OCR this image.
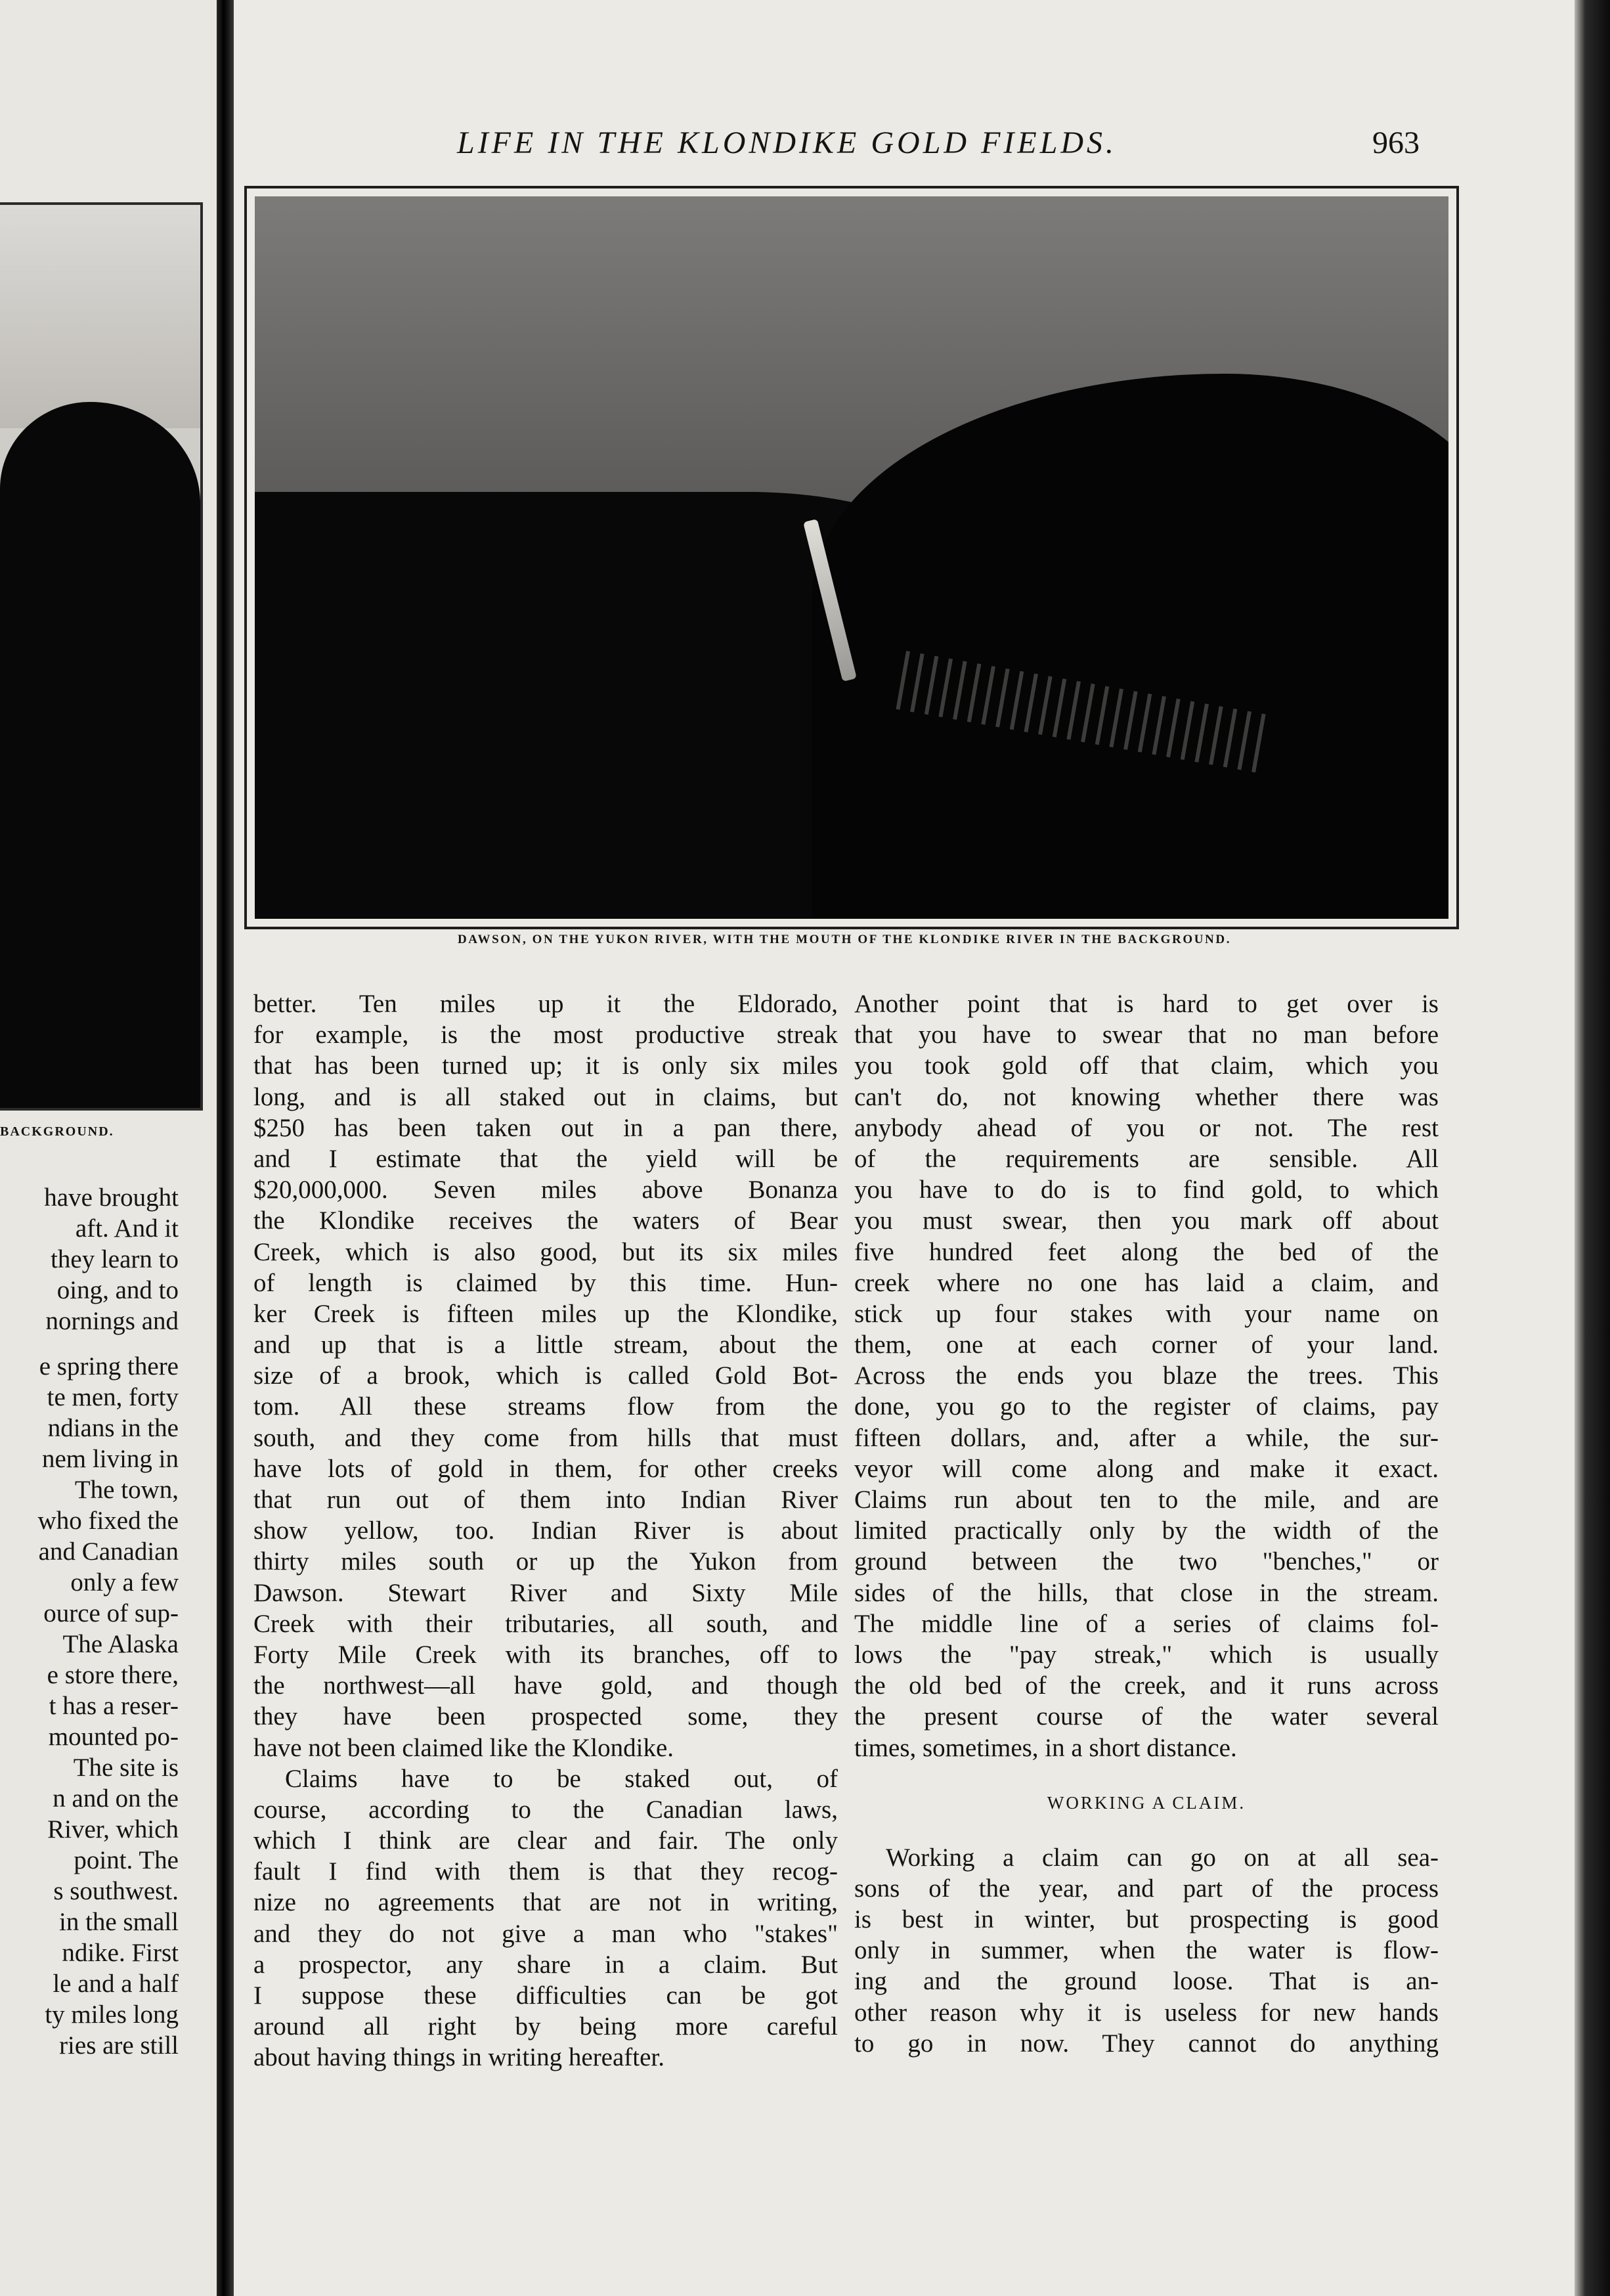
BACKGROUND.
have brought
aft. And it
they learn to
oing, and to
nornings and
e spring there
te men, forty
ndians in the
nem living in
The town,
who fixed the
and Canadian
only a few
ource of sup-
The Alaska
e store there,
t has a reser-
mounted po-
The site is
n and on the
River, which
point. The
s southwest.
in the small
ndike. First
le and a half
ty miles long
ries are still
LIFE IN THE KLONDIKE GOLD FIELDS.	963
DAWSON, ON THE YUKON RIVER, WITH THE MOUTH OF THE KLONDIKE RIVER IN THE BACKGROUND.
better. Ten miles up it the Eldorado,
for example, is the most productive streak
that has been turned up; it is only six miles
long, and is all staked out in claims, but
$250 has been taken out in a pan there,
and I estimate that the yield will be
$20,000,000. Seven miles above Bonanza
the Klondike receives the waters of Bear
Creek, which is also good, but its six miles
of length is claimed by this time. Hun-
ker Creek is fifteen miles up the Klondike,
and up that is a little stream, about the
size of a brook, which is called Gold Bot-
tom. All these streams flow from the
south, and they come from hills that must
have lots of gold in them, for other creeks
that run out of them into Indian River
show yellow, too. Indian River is about
thirty miles south or up the Yukon from
Dawson. Stewart River and Sixty Mile
Creek with their tributaries, all south, and
Forty Mile Creek with its branches, off to
the northwest—all have gold, and though
they have been prospected some, they
have not been claimed like the Klondike.
Claims have to be staked out, of
course, according to the Canadian laws,
which I think are clear and fair. The only
fault I find with them is that they recog-
nize no agreements that are not in writing,
and they do not give a man who "stakes"
a prospector, any share in a claim. But
I suppose these difficulties can be got
around all right by being more careful
about having things in writing hereafter.
Another point that is hard to get over is
that you have to swear that no man before
you took gold off that claim, which you
can't do, not knowing whether there was
anybody ahead of you or not. The rest
of the requirements are sensible. All
you have to do is to find gold, to which
you must swear, then you mark off about
five hundred feet along the bed of the
creek where no one has laid a claim, and
stick up four stakes with your name on
them, one at each corner of your land.
Across the ends you blaze the trees. This
done, you go to the register of claims, pay
fifteen dollars, and, after a while, the sur-
veyor will come along and make it exact.
Claims run about ten to the mile, and are
limited practically only by the width of the
ground between the two "benches," or
sides of the hills, that close in the stream.
The middle line of a series of claims fol-
lows the "pay streak," which is usually
the old bed of the creek, and it runs across
the present course of the water several
times, sometimes, in a short distance.
WORKING A CLAIM.
Working a claim can go on at all sea-
sons of the year, and part of the process
is best in winter, but prospecting is good
only in summer, when the water is flow-
ing and the ground loose. That is an-
other reason why it is useless for new hands
to go in now. They cannot do anything
